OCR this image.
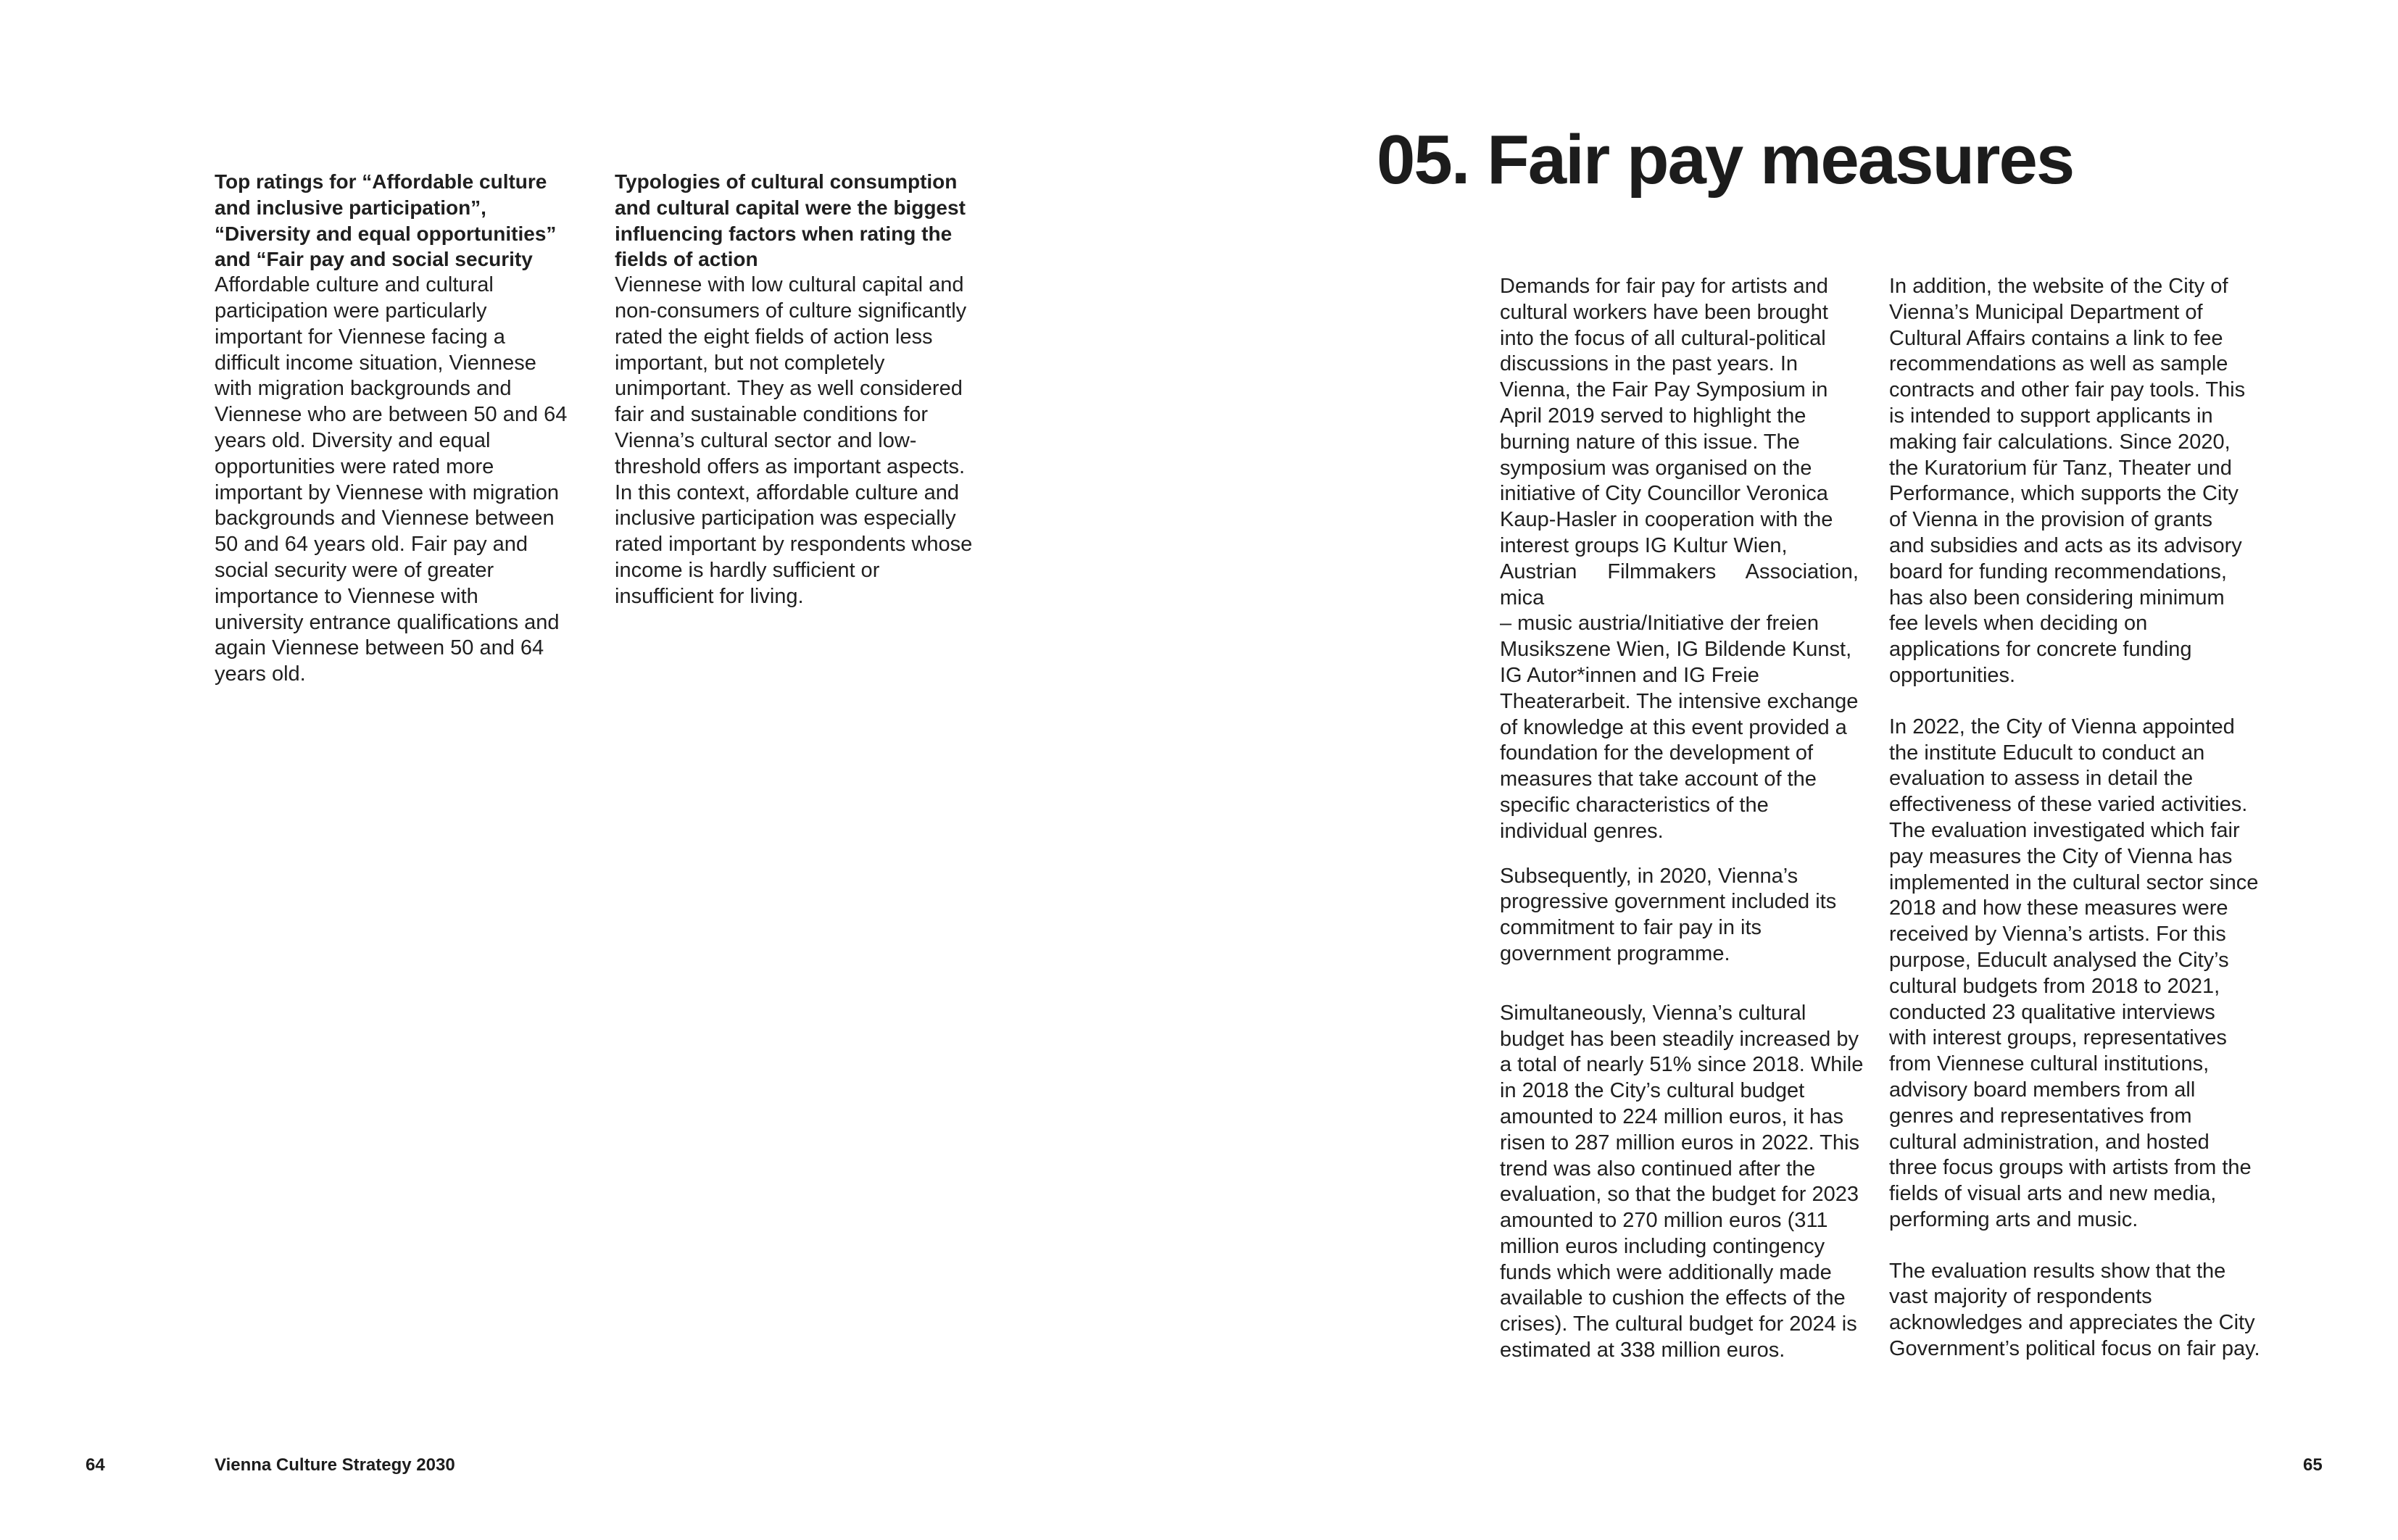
Top ratings for “Affordable culture
and inclusive participation”,
“Diversity and equal opportunities”
and “Fair pay and social security

Affordable culture and cultural
participation were particularly
important for Viennese facing a
difficult income situation, Viennese
with migration backgrounds and
Viennese who are between 50 and 64
years old. Diversity and equal
opportunities were rated more
important by Viennese with migration
backgrounds and Viennese between
50 and 64 years old. Fair pay and
social security were of greater
importance to Viennese with
university entrance qualifications and
again Viennese between 50 and 64
years old.

Typologies of cultural consumption
and cultural capital were the biggest
influencing factors when rating the
fields of action

Viennese with low cultural capital and
non-consumers of culture significantly
rated the eight fields of action less
important, but not completely
unimportant. They as well considered
fair and sustainable conditions for
Vienna’s cultural sector and low-
threshold offers as important aspects.
In this context, affordable culture and
inclusive participation was especially
rated important by respondents whose
income is hardly sufficient or
insufficient for living.

64	Vienna Culture Strategy 2030
05. Fair pay measures

Demands for fair pay for artists and
cultural workers have been brought
into the focus of all cultural-political
discussions in the past years. In
Vienna, the Fair Pay Symposium in
April 2019 served to highlight the
burning nature of this issue. The
symposium was organised on the
initiative of City Councillor Veronica
Kaup-Hasler in cooperation with the
interest groups IG Kultur Wien,
Austrian Filmmakers Association, mica
– music austria/Initiative der freien
Musikszene Wien, IG Bildende Kunst,
IG Autor*innen and IG Freie
Theaterarbeit. The intensive exchange
of knowledge at this event provided a
foundation for the development of
measures that take account of the
specific characteristics of the
individual genres.

Subsequently, in 2020, Vienna’s
progressive government included its
commitment to fair pay in its
government programme.

Simultaneously, Vienna’s cultural
budget has been steadily increased by
a total of nearly 51% since 2018. While
in 2018 the City’s cultural budget
amounted to 224 million euros, it has
risen to 287 million euros in 2022. This
trend was also continued after the
evaluation, so that the budget for 2023
amounted to 270 million euros (311
million euros including contingency
funds which were additionally made
available to cushion the effects of the
crises). The cultural budget for 2024 is
estimated at 338 million euros.

In addition, the website of the City of
Vienna’s Municipal Department of
Cultural Affairs contains a link to fee
recommendations as well as sample
contracts and other fair pay tools. This
is intended to support applicants in
making fair calculations. Since 2020,
the Kuratorium für Tanz, Theater und
Performance, which supports the City
of Vienna in the provision of grants
and subsidies and acts as its advisory
board for funding recommendations,
has also been considering minimum
fee levels when deciding on
applications for concrete funding
opportunities.

In 2022, the City of Vienna appointed
the institute Educult to conduct an
evaluation to assess in detail the
effectiveness of these varied activities.
The evaluation investigated which fair
pay measures the City of Vienna has
implemented in the cultural sector since
2018 and how these measures were
received by Vienna’s artists. For this
purpose, Educult analysed the City’s
cultural budgets from 2018 to 2021,
conducted 23 qualitative interviews
with interest groups, representatives
from Viennese cultural institutions,
advisory board members from all
genres and representatives from
cultural administration, and hosted
three focus groups with artists from the
fields of visual arts and new media,
performing arts and music.

The evaluation results show that the
vast majority of respondents
acknowledges and appreciates the City
Government’s political focus on fair pay.

65
